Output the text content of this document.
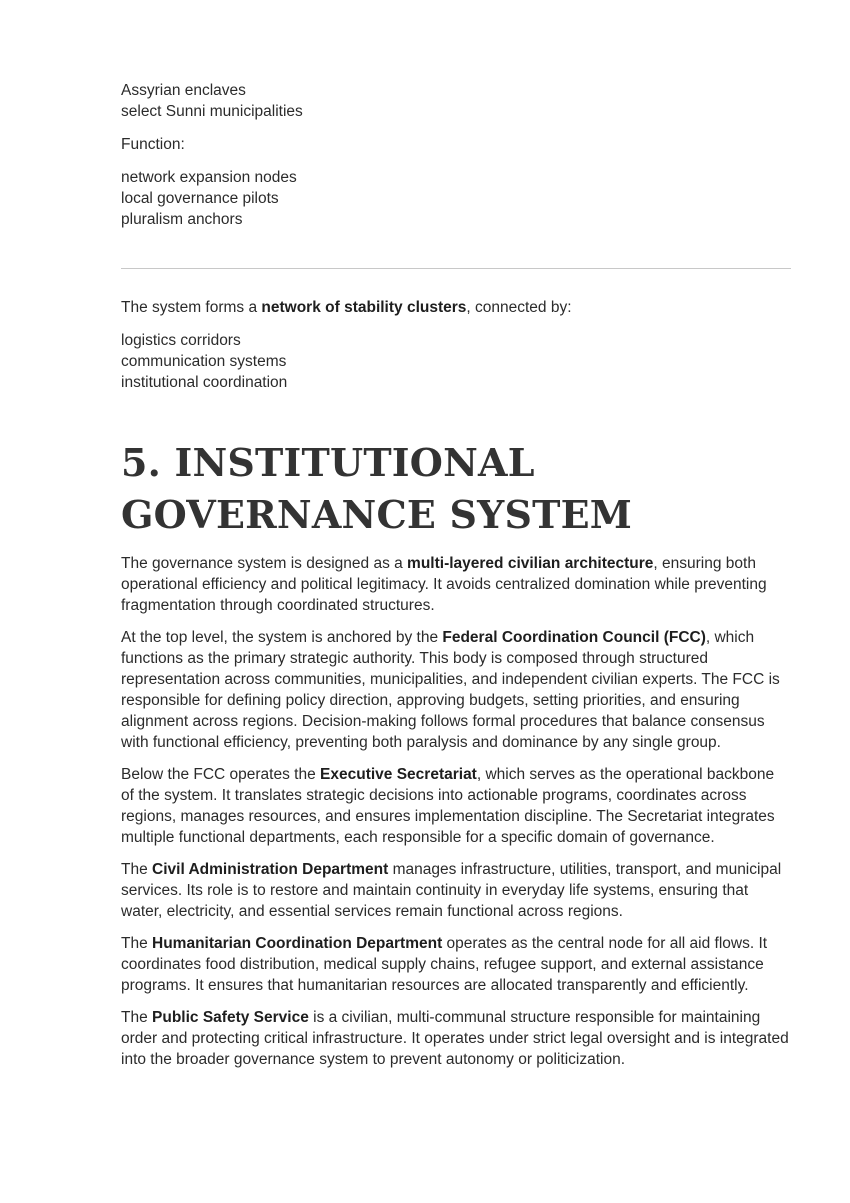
Assyrian enclaves
select Sunni municipalities

Function:

network expansion nodes
local governance pilots
pluralism anchors

The system forms a network of stability clusters, connected by:

logistics corridors
communication systems
institutional coordination
5. INSTITUTIONAL GOVERNANCE SYSTEM

The governance system is designed as a multi-layered civilian architecture, ensuring both operational efficiency and political legitimacy. It avoids centralized domination while preventing fragmentation through coordinated structures.

At the top level, the system is anchored by the Federal Coordination Council (FCC), which functions as the primary strategic authority. This body is composed through structured representation across communities, municipalities, and independent civilian experts. The FCC is responsible for defining policy direction, approving budgets, setting priorities, and ensuring alignment across regions. Decision-making follows formal procedures that balance consensus with functional efficiency, preventing both paralysis and dominance by any single group.

Below the FCC operates the Executive Secretariat, which serves as the operational backbone of the system. It translates strategic decisions into actionable programs, coordinates across regions, manages resources, and ensures implementation discipline. The Secretariat integrates multiple functional departments, each responsible for a specific domain of governance.

The Civil Administration Department manages infrastructure, utilities, transport, and municipal services. Its role is to restore and maintain continuity in everyday life systems, ensuring that water, electricity, and essential services remain functional across regions.

The Humanitarian Coordination Department operates as the central node for all aid flows. It coordinates food distribution, medical supply chains, refugee support, and external assistance programs. It ensures that humanitarian resources are allocated transparently and efficiently.

The Public Safety Service is a civilian, multi-communal structure responsible for maintaining order and protecting critical infrastructure. It operates under strict legal oversight and is integrated into the broader governance system to prevent autonomy or politicization.
